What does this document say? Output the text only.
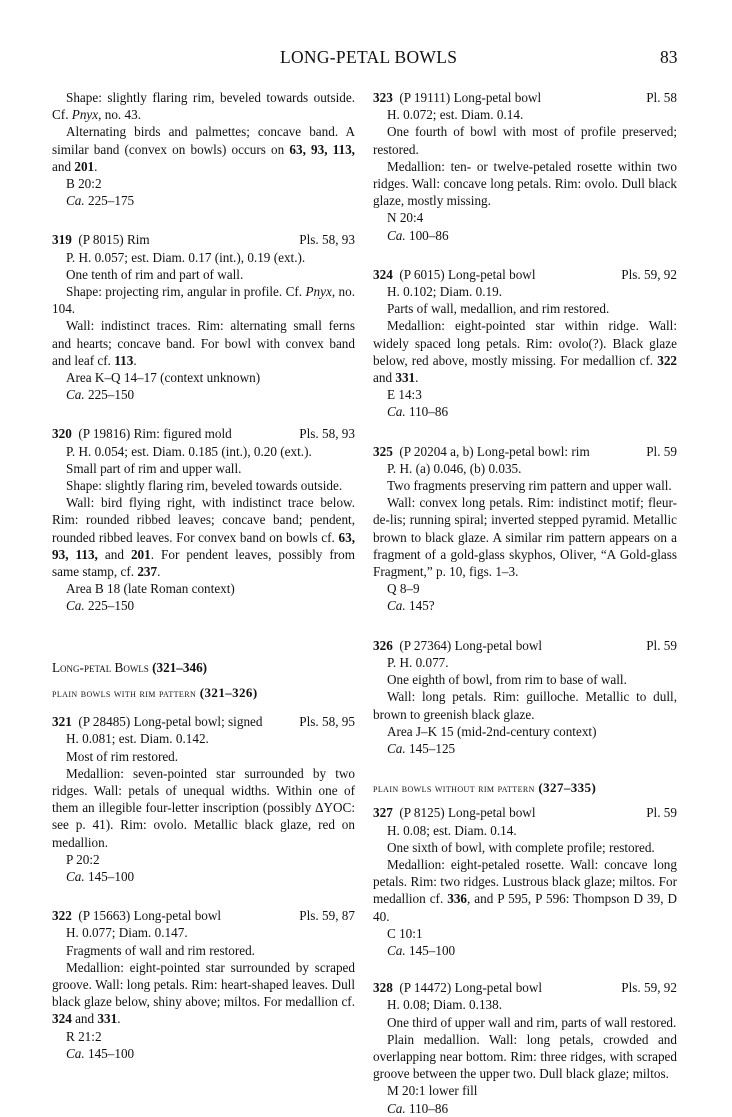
LONG-PETAL BOWLS	83

Shape: slightly flaring rim, beveled towards outside. Cf. Pnyx, no. 43.

Alternating birds and palmettes; concave band. A similar band (convex on bowls) occurs on 63, 93, 113, and 201.

B 20:2

Ca. 225–175

319 (P 8015) Rim	Pls. 58, 93

P. H. 0.057; est. Diam. 0.17 (int.), 0.19 (ext.).

One tenth of rim and part of wall.

Shape: projecting rim, angular in profile. Cf. Pnyx, no. 104.

Wall: indistinct traces. Rim: alternating small ferns and hearts; concave band. For bowl with convex band and leaf cf. 113.

Area K–Q 14–17 (context unknown)

Ca. 225–150

320 (P 19816) Rim: figured mold	Pls. 58, 93

P. H. 0.054; est. Diam. 0.185 (int.), 0.20 (ext.).

Small part of rim and upper wall.

Shape: slightly flaring rim, beveled towards outside.

Wall: bird flying right, with indistinct trace below. Rim: rounded ribbed leaves; concave band; pendent, rounded ribbed leaves. For convex band on bowls cf. 63, 93, 113, and 201. For pendent leaves, possibly from same stamp, cf. 237.

Area B 18 (late Roman context)

Ca. 225–150

Long-petal Bowls (321–346)

plain bowls with rim pattern (321–326)

321 (P 28485) Long-petal bowl; signed	Pls. 58, 95

H. 0.081; est. Diam. 0.142.

Most of rim restored.

Medallion: seven-pointed star surrounded by two ridges. Wall: petals of unequal widths. Within one of them an illegible four-letter inscription (possibly ΔYOC: see p. 41). Rim: ovolo. Metallic black glaze, red on medallion.

P 20:2

Ca. 145–100

322 (P 15663) Long-petal bowl	Pls. 59, 87

H. 0.077; Diam. 0.147.

Fragments of wall and rim restored.

Medallion: eight-pointed star surrounded by scraped groove. Wall: long petals. Rim: heart-shaped leaves. Dull black glaze below, shiny above; miltos. For medallion cf. 324 and 331.

R 21:2

Ca. 145–100

323 (P 19111) Long-petal bowl	Pl. 58

H. 0.072; est. Diam. 0.14.

One fourth of bowl with most of profile preserved; restored.

Medallion: ten- or twelve-petaled rosette within two ridges. Wall: concave long petals. Rim: ovolo. Dull black glaze, mostly missing.

N 20:4

Ca. 100–86

324 (P 6015) Long-petal bowl	Pls. 59, 92

H. 0.102; Diam. 0.19.

Parts of wall, medallion, and rim restored.

Medallion: eight-pointed star within ridge. Wall: widely spaced long petals. Rim: ovolo(?). Black glaze below, red above, mostly missing. For medallion cf. 322 and 331.

E 14:3

Ca. 110–86

325 (P 20204 a, b) Long-petal bowl: rim	Pl. 59

P. H. (a) 0.046, (b) 0.035.

Two fragments preserving rim pattern and upper wall.

Wall: convex long petals. Rim: indistinct motif; fleur-de-lis; running spiral; inverted stepped pyramid. Metallic brown to black glaze. A similar rim pattern appears on a fragment of a gold-glass skyphos, Oliver, “A Gold-glass Fragment,” p. 10, figs. 1–3.

Q 8–9

Ca. 145?

326 (P 27364) Long-petal bowl	Pl. 59

P. H. 0.077.

One eighth of bowl, from rim to base of wall.

Wall: long petals. Rim: guilloche. Metallic to dull, brown to greenish black glaze.

Area J–K 15 (mid-2nd-century context)

Ca. 145–125

plain bowls without rim pattern (327–335)

327 (P 8125) Long-petal bowl	Pl. 59

H. 0.08; est. Diam. 0.14.

One sixth of bowl, with complete profile; restored.

Medallion: eight-petaled rosette. Wall: concave long petals. Rim: two ridges. Lustrous black glaze; miltos. For medallion cf. 336, and P 595, P 596: Thompson D 39, D 40.

C 10:1

Ca. 145–100

328 (P 14472) Long-petal bowl	Pls. 59, 92

H. 0.08; Diam. 0.138.

One third of upper wall and rim, parts of wall restored.

Plain medallion. Wall: long petals, crowded and overlapping near bottom. Rim: three ridges, with scraped groove between the upper two. Dull black glaze; miltos.

M 20:1 lower fill

Ca. 110–86
